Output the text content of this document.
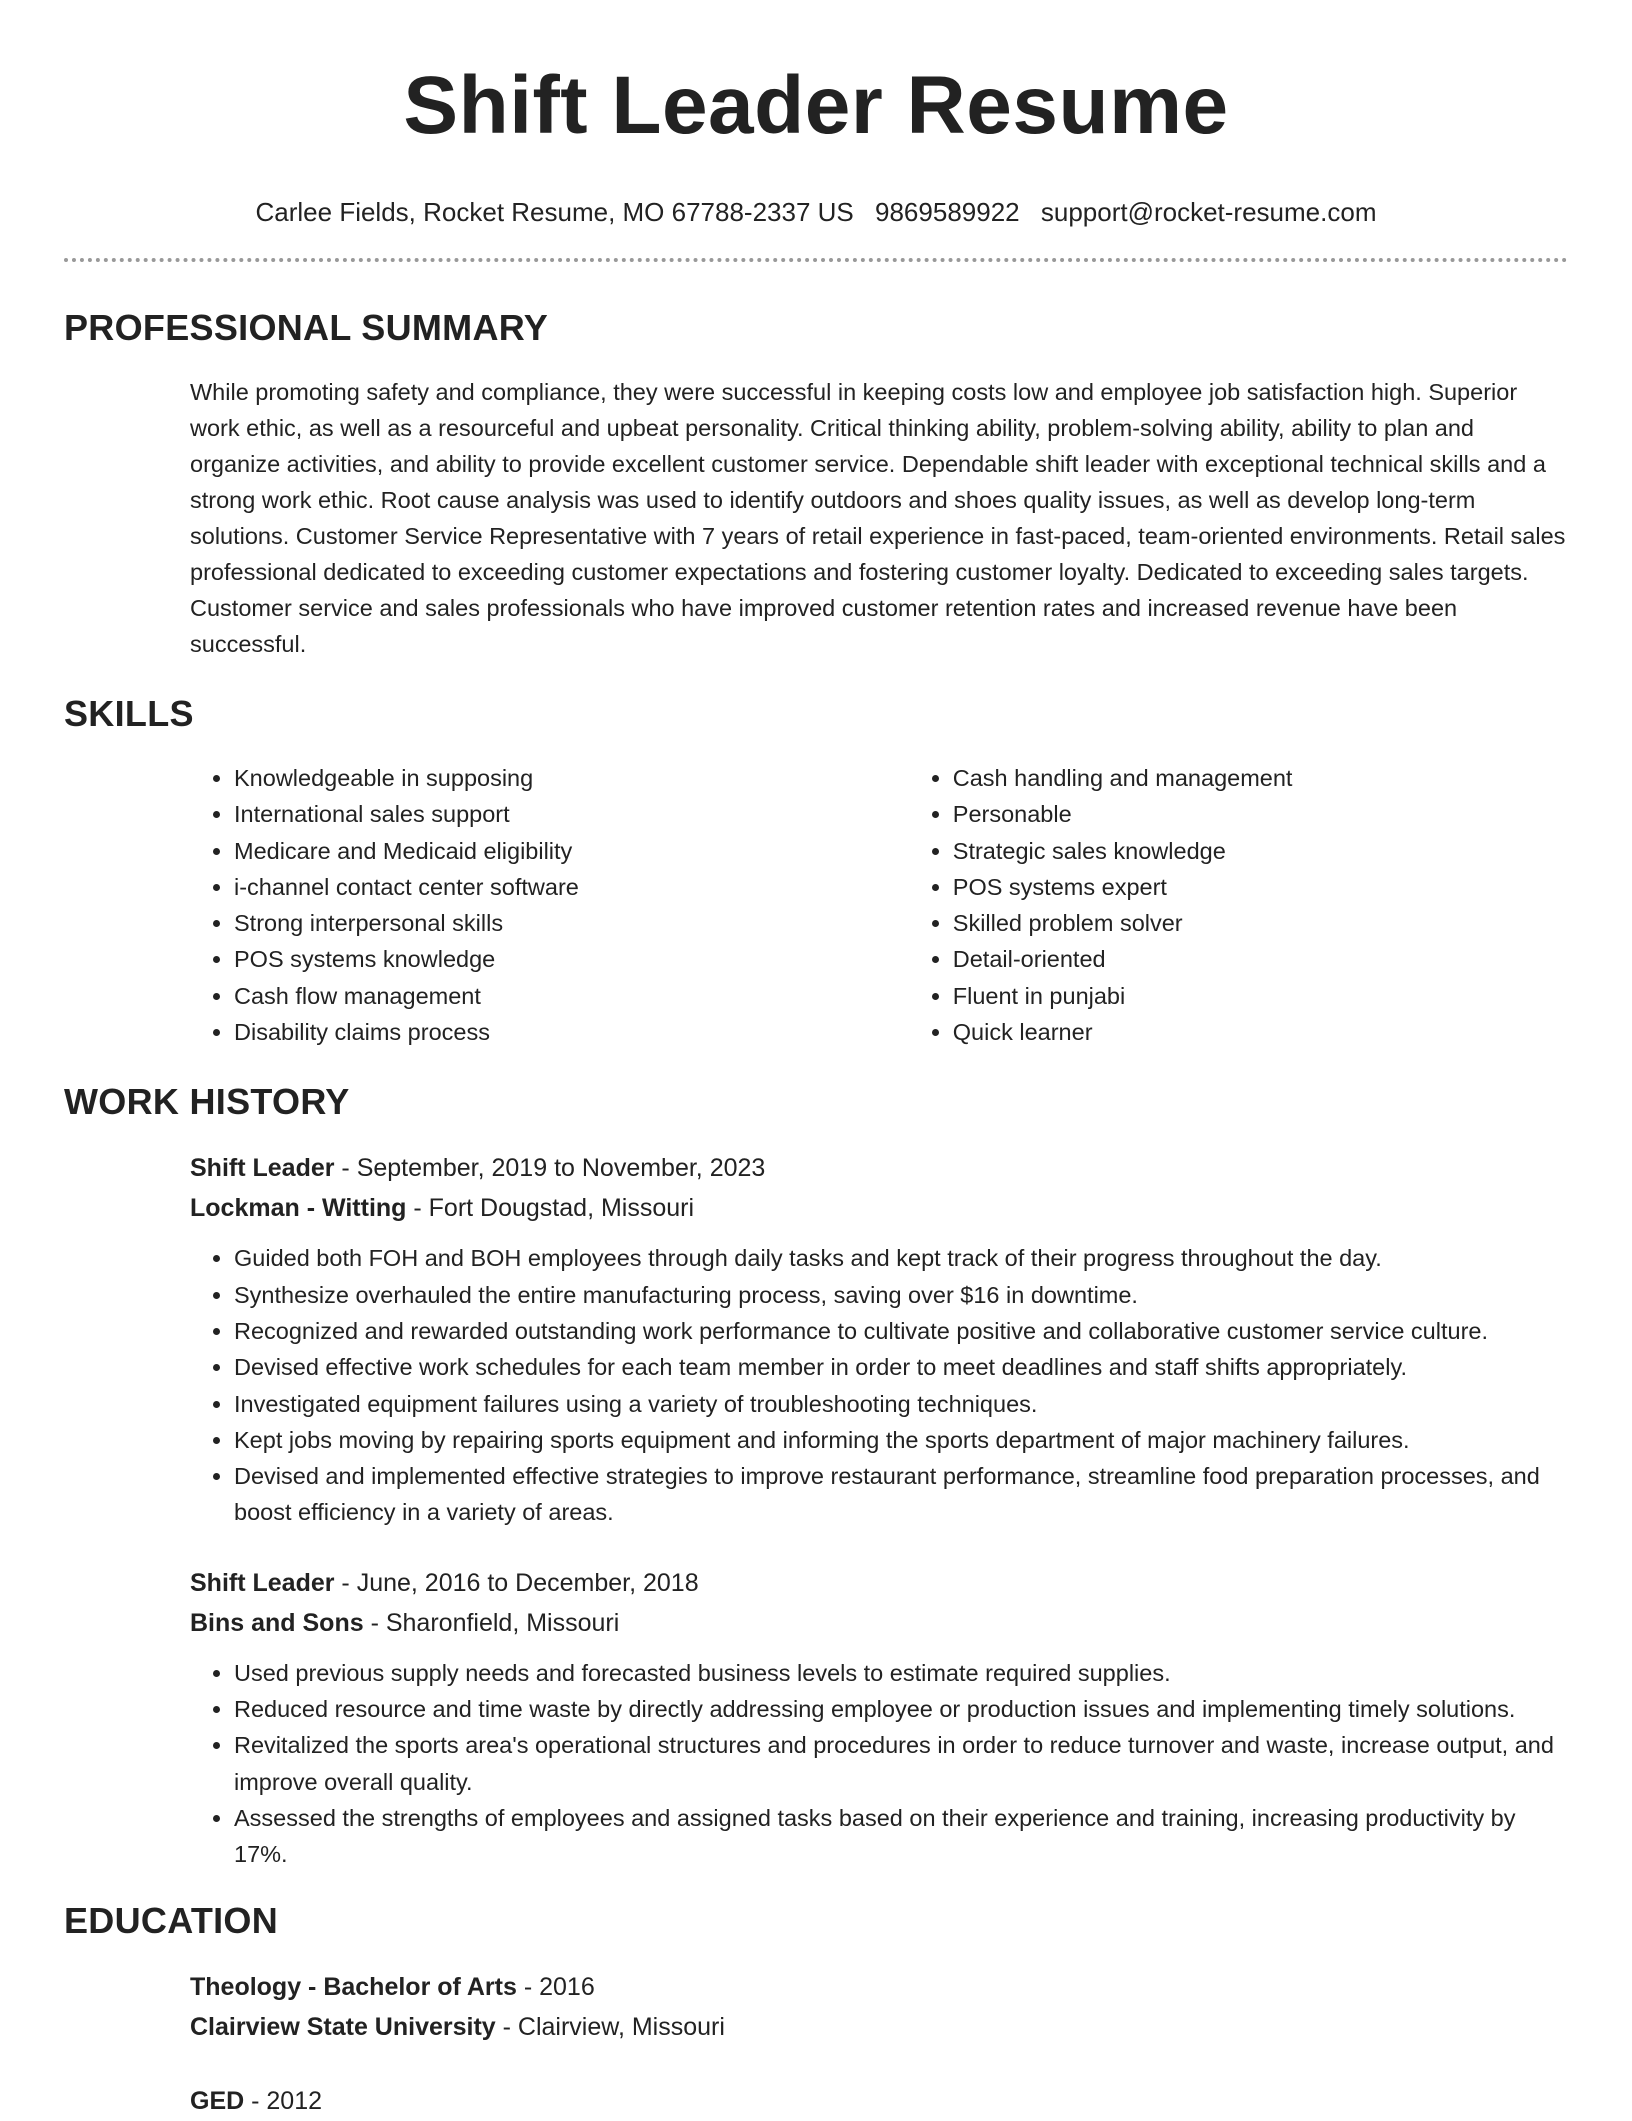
Shift Leader Resume
Carlee Fields, Rocket Resume, MO 67788-2337 US 9869589922 support@rocket-resume.com
PROFESSIONAL SUMMARY

While promoting safety and compliance, they were successful in keeping costs low and employee job satisfaction high. Superior work ethic, as well as a resourceful and upbeat personality. Critical thinking ability, problem-solving ability, ability to plan and organize activities, and ability to provide excellent customer service. Dependable shift leader with exceptional technical skills and a strong work ethic. Root cause analysis was used to identify outdoors and shoes quality issues, as well as develop long-term solutions. Customer Service Representative with 7 years of retail experience in fast-paced, team-oriented environments. Retail sales professional dedicated to exceeding customer expectations and fostering customer loyalty. Dedicated to exceeding sales targets. Customer service and sales professionals who have improved customer retention rates and increased revenue have been successful.

SKILLS
• Knowledgeable in supposing
• International sales support
• Medicare and Medicaid eligibility
• i-channel contact center software
• Strong interpersonal skills
• POS systems knowledge
• Cash flow management
• Disability claims process
• Cash handling and management
• Personable
• Strategic sales knowledge
• POS systems expert
• Skilled problem solver
• Detail-oriented
• Fluent in punjabi
• Quick learner
WORK HISTORY
Shift Leader - September, 2019 to November, 2023
Lockman - Witting - Fort Dougstad, Missouri
• Guided both FOH and BOH employees through daily tasks and kept track of their progress throughout the day.
• Synthesize overhauled the entire manufacturing process, saving over $16 in downtime.
• Recognized and rewarded outstanding work performance to cultivate positive and collaborative customer service culture.
• Devised effective work schedules for each team member in order to meet deadlines and staff shifts appropriately.
• Investigated equipment failures using a variety of troubleshooting techniques.
• Kept jobs moving by repairing sports equipment and informing the sports department of major machinery failures.
• Devised and implemented effective strategies to improve restaurant performance, streamline food preparation processes, and boost efficiency in a variety of areas.
Shift Leader - June, 2016 to December, 2018
Bins and Sons - Sharonfield, Missouri
• Used previous supply needs and forecasted business levels to estimate required supplies.
• Reduced resource and time waste by directly addressing employee or production issues and implementing timely solutions.
• Revitalized the sports area's operational structures and procedures in order to reduce turnover and waste, increase output, and improve overall quality.
• Assessed the strengths of employees and assigned tasks based on their experience and training, increasing productivity by 17%.
EDUCATION
Theology - Bachelor of Arts - 2016
Clairview State University - Clairview, Missouri
GED - 2012
